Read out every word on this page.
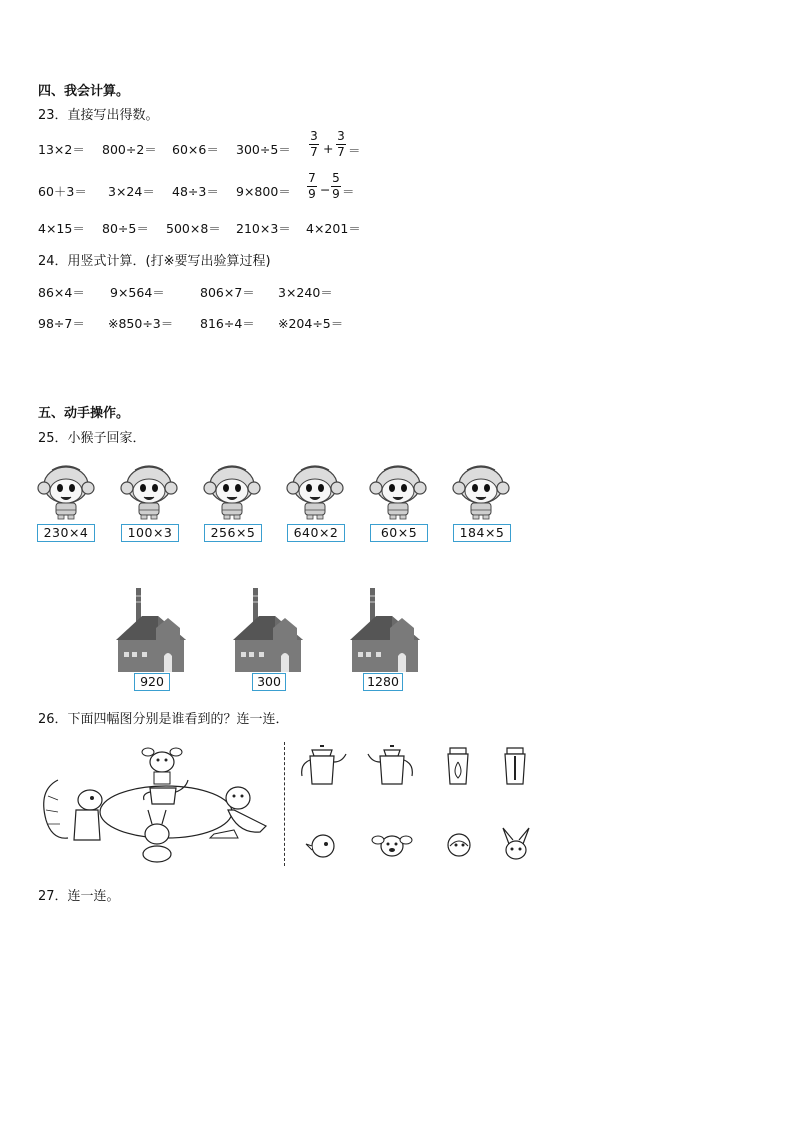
四、我会计算。
23．直接写出得数。
13×2＝ 800÷2＝ 60×6＝ 300÷5＝
3
7 +
3
7 ＝
60＋3＝ 3×24＝ 48÷3＝ 9×800＝
7
9 −
5
9 ＝
4×15＝ 80÷5＝ 500×8＝ 210×3＝ 4×201＝
24．用竖式计算．(打※要写出验算过程)
86×4＝ 9×564＝	806×7＝ 3×240＝
98÷7＝ ※850÷3＝ 816÷4＝ ※204÷5＝
五、动手操作。
25．小猴子回家．
230×4	100×3	256×5	640×2	60×5	184×5
920	300	1280
26．下面四幅图分别是谁看到的？连一连．
27．连一连。
